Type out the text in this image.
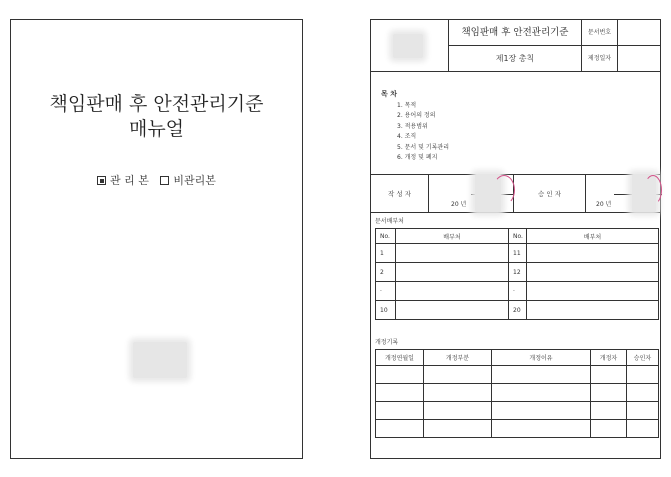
책임판매 후 안전관리기준
매뉴얼
관 리 본 비관리본
책임판매 후 안전관리기준
제1장 총칙
문서번호
제정일자
목 차
1. 목적
2. 용어의 정의
3. 적용범위
4. 조직
5. 문서 및 기록관리
6. 개정 및 폐지
작 성 자
20 년
승 인 자
20 년
문서배부처
No.	배부처	No.	배부처
1		11	
2		12	
·		·	
10		20	
개정기록
개정연월일	개정부분	개정이유	개정자	승인자
